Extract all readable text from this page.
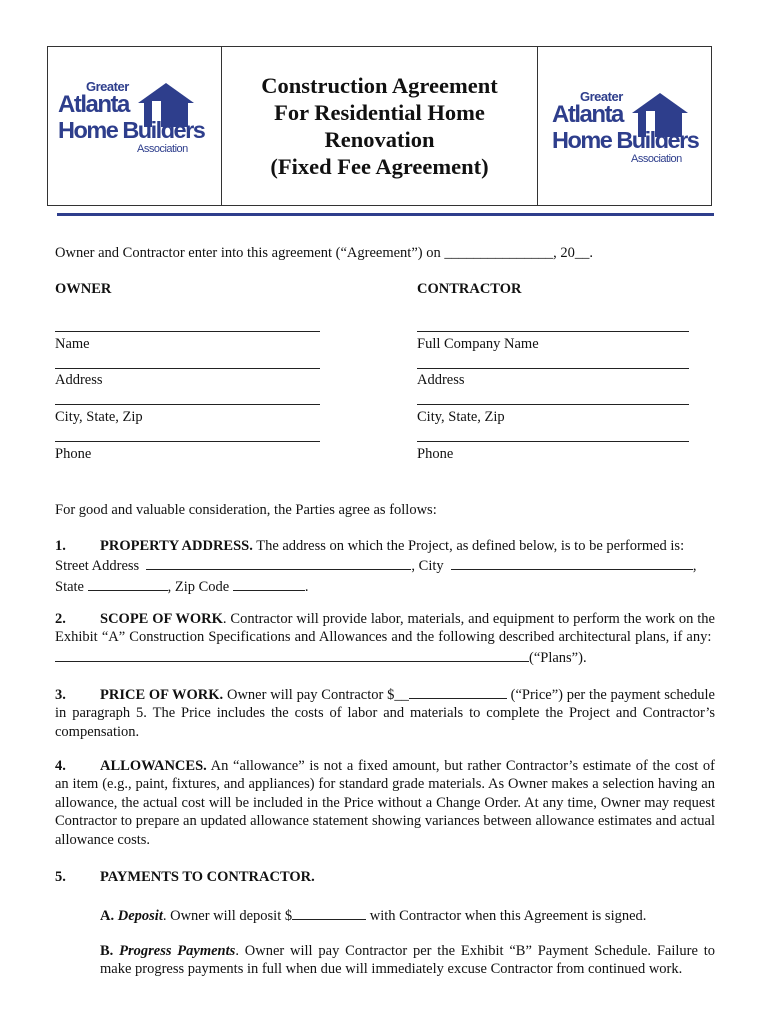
Greater
Atlanta
Home Builders
Association
Construction Agreement
For Residential Home
Renovation
(Fixed Fee Agreement)
Greater
Atlanta
Home Builders
Association
Owner and Contractor enter into this agreement (“Agreement”) on _______________, 20__.
OWNER	CONTRACTOR
Name	Full Company Name
Address	Address
City, State, Zip	City, State, Zip
Phone	Phone
For good and valuable consideration, the Parties agree as follows:

1. PROPERTY ADDRESS. The address on which the Project, as defined below, is to be performed is:

Street Address	, City	,

State	, Zip Code	.

2. SCOPE OF WORK. Contractor will provide labor, materials, and equipment to perform the work on the Exhibit “A” Construction Specifications and Allowances and the following described architectural plans, if any: (“Plans”).

3. PRICE OF WORK. Owner will pay Contractor $__	(“Price”) per the payment schedule in paragraph 5. The Price includes the costs of labor and materials to complete the Project and Contractor’s compensation.

4. ALLOWANCES. An “allowance” is not a fixed amount, but rather Contractor’s estimate of the cost of an item (e.g., paint, fixtures, and appliances) for standard grade materials. As Owner makes a selection having an allowance, the actual cost will be included in the Price without a Change Order. At any time, Owner may request Contractor to prepare an updated allowance statement showing variances between allowance estimates and actual allowance costs.

5. PAYMENTS TO CONTRACTOR.

A. Deposit. Owner will deposit $	with Contractor when this Agreement is signed.

B. Progress Payments. Owner will pay Contractor per the Exhibit “B” Payment Schedule. Failure to make progress payments in full when due will immediately excuse Contractor from continued work.
